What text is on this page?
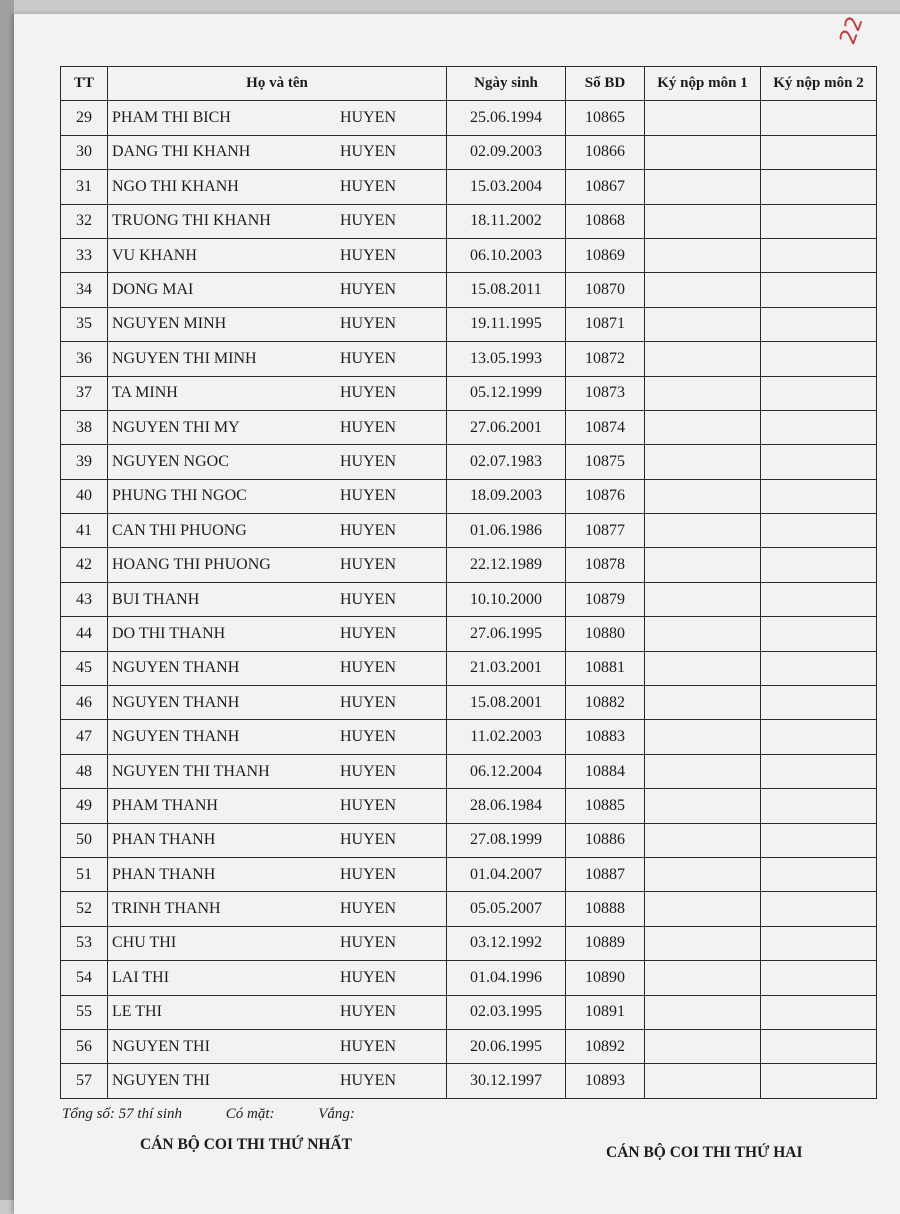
22
TT	Họ và tên	Ngày sinh	Số BD	Ký nộp môn 1	Ký nộp môn 2
29	PHAM THI BICH HUYEN	25.06.1994	10865		
30	DANG THI KHANH HUYEN	02.09.2003	10866		
31	NGO THI KHANH HUYEN	15.03.2004	10867		
32	TRUONG THI KHANH HUYEN	18.11.2002	10868		
33	VU KHANH HUYEN	06.10.2003	10869		
34	DONG MAI HUYEN	15.08.2011	10870		
35	NGUYEN MINH HUYEN	19.11.1995	10871		
36	NGUYEN THI MINH HUYEN	13.05.1993	10872		
37	TA MINH HUYEN	05.12.1999	10873		
38	NGUYEN THI MY HUYEN	27.06.2001	10874		
39	NGUYEN NGOC HUYEN	02.07.1983	10875		
40	PHUNG THI NGOC HUYEN	18.09.2003	10876		
41	CAN THI PHUONG HUYEN	01.06.1986	10877		
42	HOANG THI PHUONG HUYEN	22.12.1989	10878		
43	BUI THANH HUYEN	10.10.2000	10879		
44	DO THI THANH HUYEN	27.06.1995	10880		
45	NGUYEN THANH HUYEN	21.03.2001	10881		
46	NGUYEN THANH HUYEN	15.08.2001	10882		
47	NGUYEN THANH HUYEN	11.02.2003	10883		
48	NGUYEN THI THANH HUYEN	06.12.2004	10884		
49	PHAM THANH HUYEN	28.06.1984	10885		
50	PHAN THANH HUYEN	27.08.1999	10886		
51	PHAN THANH HUYEN	01.04.2007	10887		
52	TRINH THANH HUYEN	05.05.2007	10888		
53	CHU THI HUYEN	03.12.1992	10889		
54	LAI THI HUYEN	01.04.1996	10890		
55	LE THI HUYEN	02.03.1995	10891		
56	NGUYEN THI HUYEN	20.06.1995	10892		
57	NGUYEN THI HUYEN	30.12.1997	10893		
Tổng số: 57 thí sinh	Có mặt:	Vắng:
CÁN BỘ COI THI THỨ NHẤT	CÁN BỘ COI THI THỨ HAI
